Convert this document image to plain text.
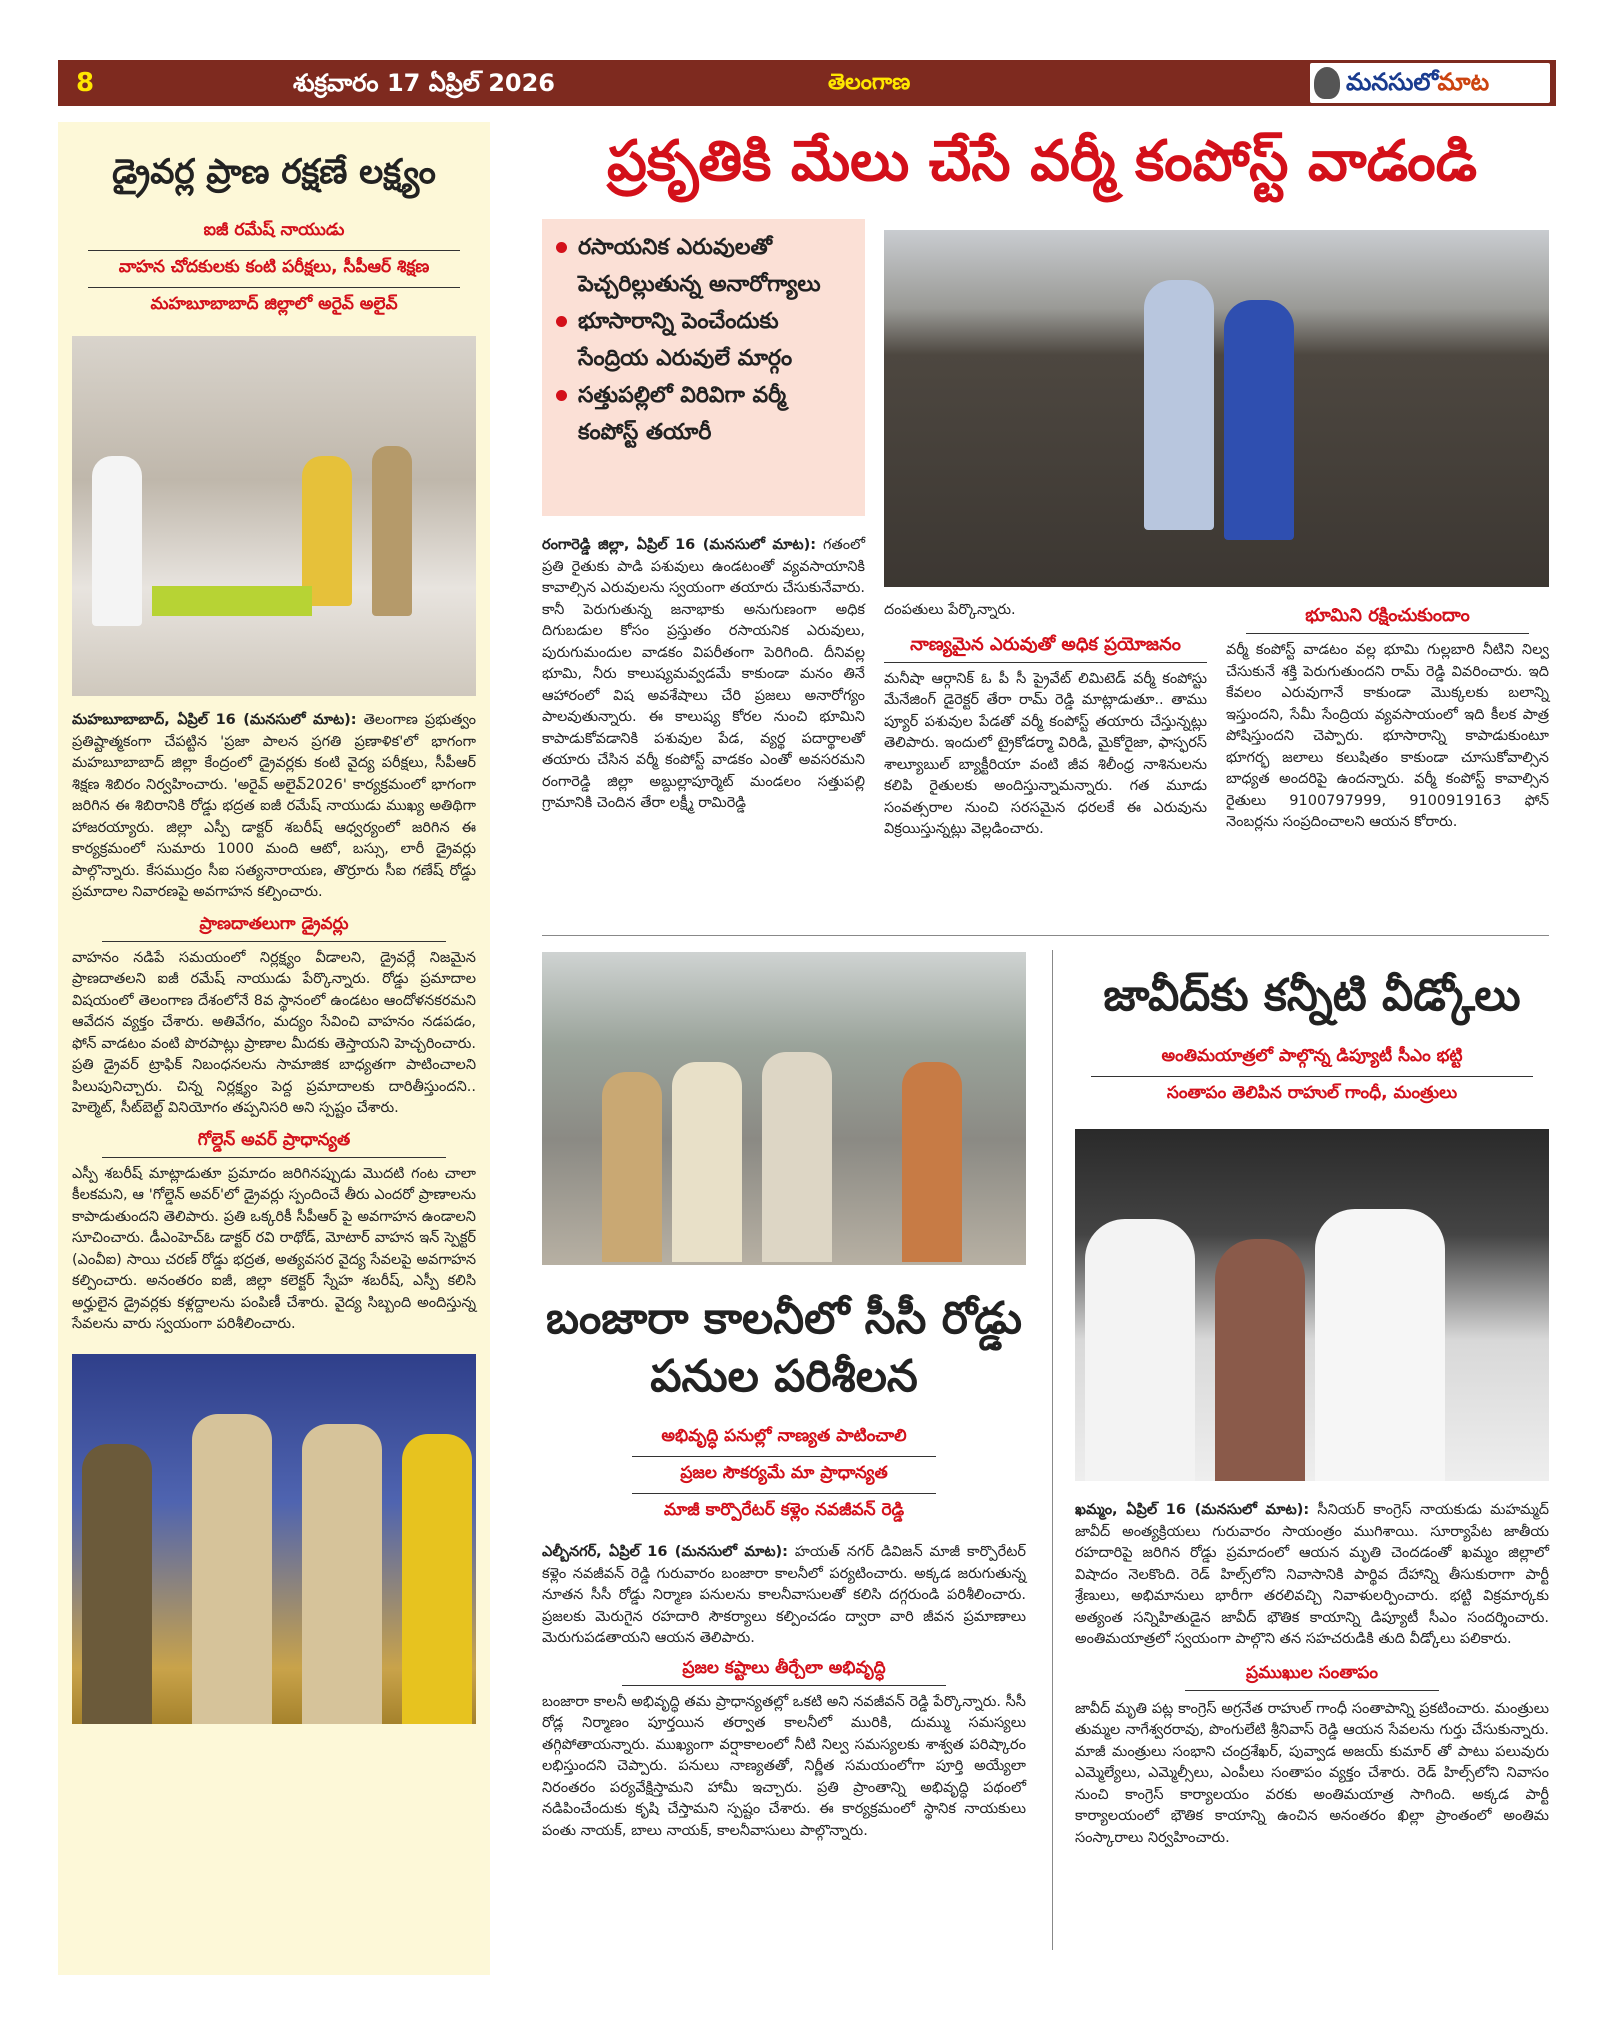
8	శుక్రవారం 17 ఏప్రిల్ 2026	తెలంగాణ	మనసులోమాట
డ్రైవర్ల ప్రాణ రక్షణే లక్ష్యం
ఐజీ రమేష్ నాయుడు
వాహన చోదకులకు కంటి పరీక్షలు, సీపీఆర్ శిక్షణ
మహబూబాబాద్ జిల్లాలో అరైవ్ అలైవ్
మహబూబాబాద్, ఏప్రిల్ 16 (మనసులో మాట): తెలంగాణ ప్రభుత్వం ప్రతిష్టాత్మకంగా చేపట్టిన 'ప్రజా పాలన ప్రగతి ప్రణాళిక'లో భాగంగా మహబూబాబాద్ జిల్లా కేంద్రంలో డ్రైవర్లకు కంటి వైద్య పరీక్షలు, సీపీఆర్ శిక్షణ శిబిరం నిర్వహించారు. 'అరైవ్ అలైవ్2026' కార్యక్రమంలో భాగంగా జరిగిన ఈ శిబిరానికి రోడ్డు భద్రత ఐజీ రమేష్ నాయుడు ముఖ్య అతిథిగా హాజరయ్యారు. జిల్లా ఎస్పీ డాక్టర్ శబరీష్ ఆధ్వర్యంలో జరిగిన ఈ కార్యక్రమంలో సుమారు 1000 మంది ఆటో, బస్సు, లారీ డ్రైవర్లు పాల్గొన్నారు. కేసముద్రం సీఐ సత్యనారాయణ, తొర్రూరు సీఐ గణేష్ రోడ్డు ప్రమాదాల నివారణపై అవగాహన కల్పించారు.
ప్రాణదాతలుగా డ్రైవర్లు
వాహనం నడిపే సమయంలో నిర్లక్ష్యం వీడాలని, డ్రైవర్లే నిజమైన ప్రాణదాతలని ఐజీ రమేష్ నాయుడు పేర్కొన్నారు. రోడ్డు ప్రమాదాల విషయంలో తెలంగాణ దేశంలోనే 8వ స్థానంలో ఉండటం ఆందోళనకరమని ఆవేదన వ్యక్తం చేశారు. అతివేగం, మద్యం సేవించి వాహనం నడపడం, ఫోన్ వాడటం వంటి పొరపాట్లు ప్రాణాల మీదకు తెస్తాయని హెచ్చరించారు. ప్రతి డ్రైవర్ ట్రాఫిక్ నిబంధనలను సామాజిక బాధ్యతగా పాటించాలని పిలుపునిచ్చారు. చిన్న నిర్లక్ష్యం పెద్ద ప్రమాదాలకు దారితీస్తుందని.. హెల్మెట్, సీట్‌బెల్ట్ వినియోగం తప్పనిసరి అని స్పష్టం చేశారు.
గోల్డెన్ అవర్ ప్రాధాన్యత
ఎస్పీ శబరీష్ మాట్లాడుతూ ప్రమాదం జరిగినప్పుడు మొదటి గంట చాలా కీలకమని, ఆ 'గోల్డెన్ అవర్'లో డ్రైవర్లు స్పందించే తీరు ఎందరో ప్రాణాలను కాపాడుతుందని తెలిపారు. ప్రతి ఒక్కరికీ సీపీఆర్ పై అవగాహన ఉండాలని సూచించారు. డీఎంహెచ్‌ఓ డాక్టర్ రవి రాథోడ్, మోటార్ వాహన ఇన్ స్పెక్టర్ (ఎంవీఐ) సాయి చరణ్ రోడ్డు భద్రత, అత్యవసర వైద్య సేవలపై అవగాహన కల్పించారు. అనంతరం ఐజీ, జిల్లా కలెక్టర్ స్నేహ శబరీష్, ఎస్పీ కలిసి అర్హులైన డ్రైవర్లకు కళ్లద్దాలను పంపిణీ చేశారు. వైద్య సిబ్బంది అందిస్తున్న సేవలను వారు స్వయంగా పరిశీలించారు.
ప్రకృతికి మేలు చేసే వర్మీ కంపోస్ట్ వాడండి
రసాయనిక ఎరువులతో పెచ్చరిల్లుతున్న అనారోగ్యాలు
భూసారాన్ని పెంచేందుకు సేంద్రియ ఎరువులే మార్గం
సత్తుపల్లిలో విరివిగా వర్మీ కంపోస్ట్ తయారీ
రంగారెడ్డి జిల్లా, ఏప్రిల్ 16 (మనసులో మాట): గతంలో ప్రతి రైతుకు పాడి పశువులు ఉండటంతో వ్యవసాయానికి కావాల్సిన ఎరువులను స్వయంగా తయారు చేసుకునేవారు. కానీ పెరుగుతున్న జనాభాకు అనుగుణంగా అధిక దిగుబడుల కోసం ప్రస్తుతం రసాయనిక ఎరువులు, పురుగుమందుల వాడకం విపరీతంగా పెరిగింది. దీనివల్ల భూమి, నీరు కాలుష్యమవ్వడమే కాకుండా మనం తినే ఆహారంలో విష అవశేషాలు చేరి ప్రజలు అనారోగ్యం పాలవుతున్నారు. ఈ కాలుష్య కోరల నుంచి భూమిని కాపాడుకోవడానికి పశువుల పేడ, వ్యర్థ పదార్థాలతో తయారు చేసిన వర్మీ కంపోస్ట్ వాడకం ఎంతో అవసరమని రంగారెడ్డి జిల్లా అబ్దుల్లాపూర్మెట్ మండలం సత్తుపల్లి గ్రామానికి చెందిన తేరా లక్ష్మీ రామిరెడ్డి
దంపతులు పేర్కొన్నారు.
నాణ్యమైన ఎరువుతో అధిక ప్రయోజనం
మనీషా ఆర్గానిక్ ఓ పీ సీ ప్రైవేట్ లిమిటెడ్ వర్మీ కంపోస్టు మేనేజింగ్ డైరెక్టర్ తేరా రామ్ రెడ్డి మాట్లాడుతూ.. తాము ప్యూర్ పశువుల పేడతో వర్మీ కంపోస్ట్ తయారు చేస్తున్నట్లు తెలిపారు. ఇందులో ట్రైకోడర్మా విరిడి, మైకోరైజా, ఫాస్ఫరస్ శాల్యూబుల్ బ్యాక్టీరియా వంటి జీవ శిలీంధ్ర నాశినులను కలిపి రైతులకు అందిస్తున్నామన్నారు. గత మూడు సంవత్సరాల నుంచి సరసమైన ధరలకే ఈ ఎరువును విక్రయిస్తున్నట్లు వెల్లడించారు.
భూమిని రక్షించుకుందాం
వర్మీ కంపోస్ట్ వాడటం వల్ల భూమి గుల్లబారి నీటిని నిల్వ చేసుకునే శక్తి పెరుగుతుందని రామ్ రెడ్డి వివరించారు. ఇది కేవలం ఎరువుగానే కాకుండా మొక్కలకు బలాన్ని ఇస్తుందని, సేమీ సేంద్రియ వ్యవసాయంలో ఇది కీలక పాత్ర పోషిస్తుందని చెప్పారు. భూసారాన్ని కాపాడుకుంటూ భూగర్భ జలాలు కలుషితం కాకుండా చూసుకోవాల్సిన బాధ్యత అందరిపై ఉందన్నారు. వర్మీ కంపోస్ట్ కావాల్సిన రైతులు 9100797999, 9100919163 ఫోన్ నెంబర్లను సంప్రదించాలని ఆయన కోరారు.
బంజారా కాలనీలో సీసీ రోడ్డు పనుల పరిశీలన
అభివృద్ధి పనుల్లో నాణ్యత పాటించాలి
ప్రజల సౌకర్యమే మా ప్రాధాన్యత
మాజీ కార్పొరేటర్ కళ్లెం నవజీవన్ రెడ్డి
ఎల్బీనగర్, ఏప్రిల్ 16 (మనసులో మాట): హయత్ నగర్ డివిజన్ మాజీ కార్పొరేటర్ కళ్లెం నవజీవన్ రెడ్డి గురువారం బంజారా కాలనీలో పర్యటించారు. అక్కడ జరుగుతున్న నూతన సీసీ రోడ్డు నిర్మాణ పనులను కాలనీవాసులతో కలిసి దగ్గరుండి పరిశీలించారు. ప్రజలకు మెరుగైన రహదారి సౌకర్యాలు కల్పించడం ద్వారా వారి జీవన ప్రమాణాలు మెరుగుపడతాయని ఆయన తెలిపారు.
ప్రజల కష్టాలు తీర్చేలా అభివృద్ధి
బంజారా కాలనీ అభివృద్ధి తమ ప్రాధాన్యతల్లో ఒకటి అని నవజీవన్ రెడ్డి పేర్కొన్నారు. సీసీ రోడ్ల నిర్మాణం పూర్తయిన తర్వాత కాలనీలో మురికి, దుమ్ము సమస్యలు తగ్గిపోతాయన్నారు. ముఖ్యంగా వర్షాకాలంలో నీటి నిల్వ సమస్యలకు శాశ్వత పరిష్కారం లభిస్తుందని చెప్పారు. పనులు నాణ్యతతో, నిర్ణీత సమయంలోగా పూర్తి అయ్యేలా నిరంతరం పర్యవేక్షిస్తామని హామీ ఇచ్చారు. ప్రతి ప్రాంతాన్ని అభివృద్ధి పథంలో నడిపించేందుకు కృషి చేస్తామని స్పష్టం చేశారు. ఈ కార్యక్రమంలో స్థానిక నాయకులు పంతు నాయక్, బాలు నాయక్, కాలనీవాసులు పాల్గొన్నారు.
జావీద్‌కు కన్నీటి వీడ్కోలు
అంతిమయాత్రలో పాల్గొన్న డిప్యూటీ సీఎం భట్టి
సంతాపం తెలిపిన రాహుల్ గాంధీ, మంత్రులు
ఖమ్మం, ఏప్రిల్ 16 (మనసులో మాట): సీనియర్ కాంగ్రెస్ నాయకుడు మహమ్మద్ జావీద్ అంత్యక్రియలు గురువారం సాయంత్రం ముగిశాయి. సూర్యాపేట జాతీయ రహదారిపై జరిగిన రోడ్డు ప్రమాదంలో ఆయన మృతి చెందడంతో ఖమ్మం జిల్లాలో విషాదం నెలకొంది. రెడ్ హిల్స్‌లోని నివాసానికి పార్థివ దేహాన్ని తీసుకురాగా పార్టీ శ్రేణులు, అభిమానులు భారీగా తరలివచ్చి నివాళులర్పించారు. భట్టి విక్రమార్కకు అత్యంత సన్నిహితుడైన జావీద్ భౌతిక కాయాన్ని డిప్యూటీ సీఎం సందర్శించారు. అంతిమయాత్రలో స్వయంగా పాల్గొని తన సహచరుడికి తుది వీడ్కోలు పలికారు.
ప్రముఖుల సంతాపం
జావీద్ మృతి పట్ల కాంగ్రెస్ అగ్రనేత రాహుల్ గాంధీ సంతాపాన్ని ప్రకటించారు. మంత్రులు తుమ్మల నాగేశ్వరరావు, పొంగులేటి శ్రీనివాస్ రెడ్డి ఆయన సేవలను గుర్తు చేసుకున్నారు. మాజీ మంత్రులు సంభాని చంద్రశేఖర్, పువ్వాడ అజయ్ కుమార్ తో పాటు పలువురు ఎమ్మెల్యేలు, ఎమ్మెల్సీలు, ఎంపీలు సంతాపం వ్యక్తం చేశారు. రెడ్ హిల్స్‌లోని నివాసం నుంచి కాంగ్రెస్ కార్యాలయం వరకు అంతిమయాత్ర సాగింది. అక్కడ పార్టీ కార్యాలయంలో భౌతిక కాయాన్ని ఉంచిన అనంతరం ఖిల్లా ప్రాంతంలో అంతిమ సంస్కారాలు నిర్వహించారు.
